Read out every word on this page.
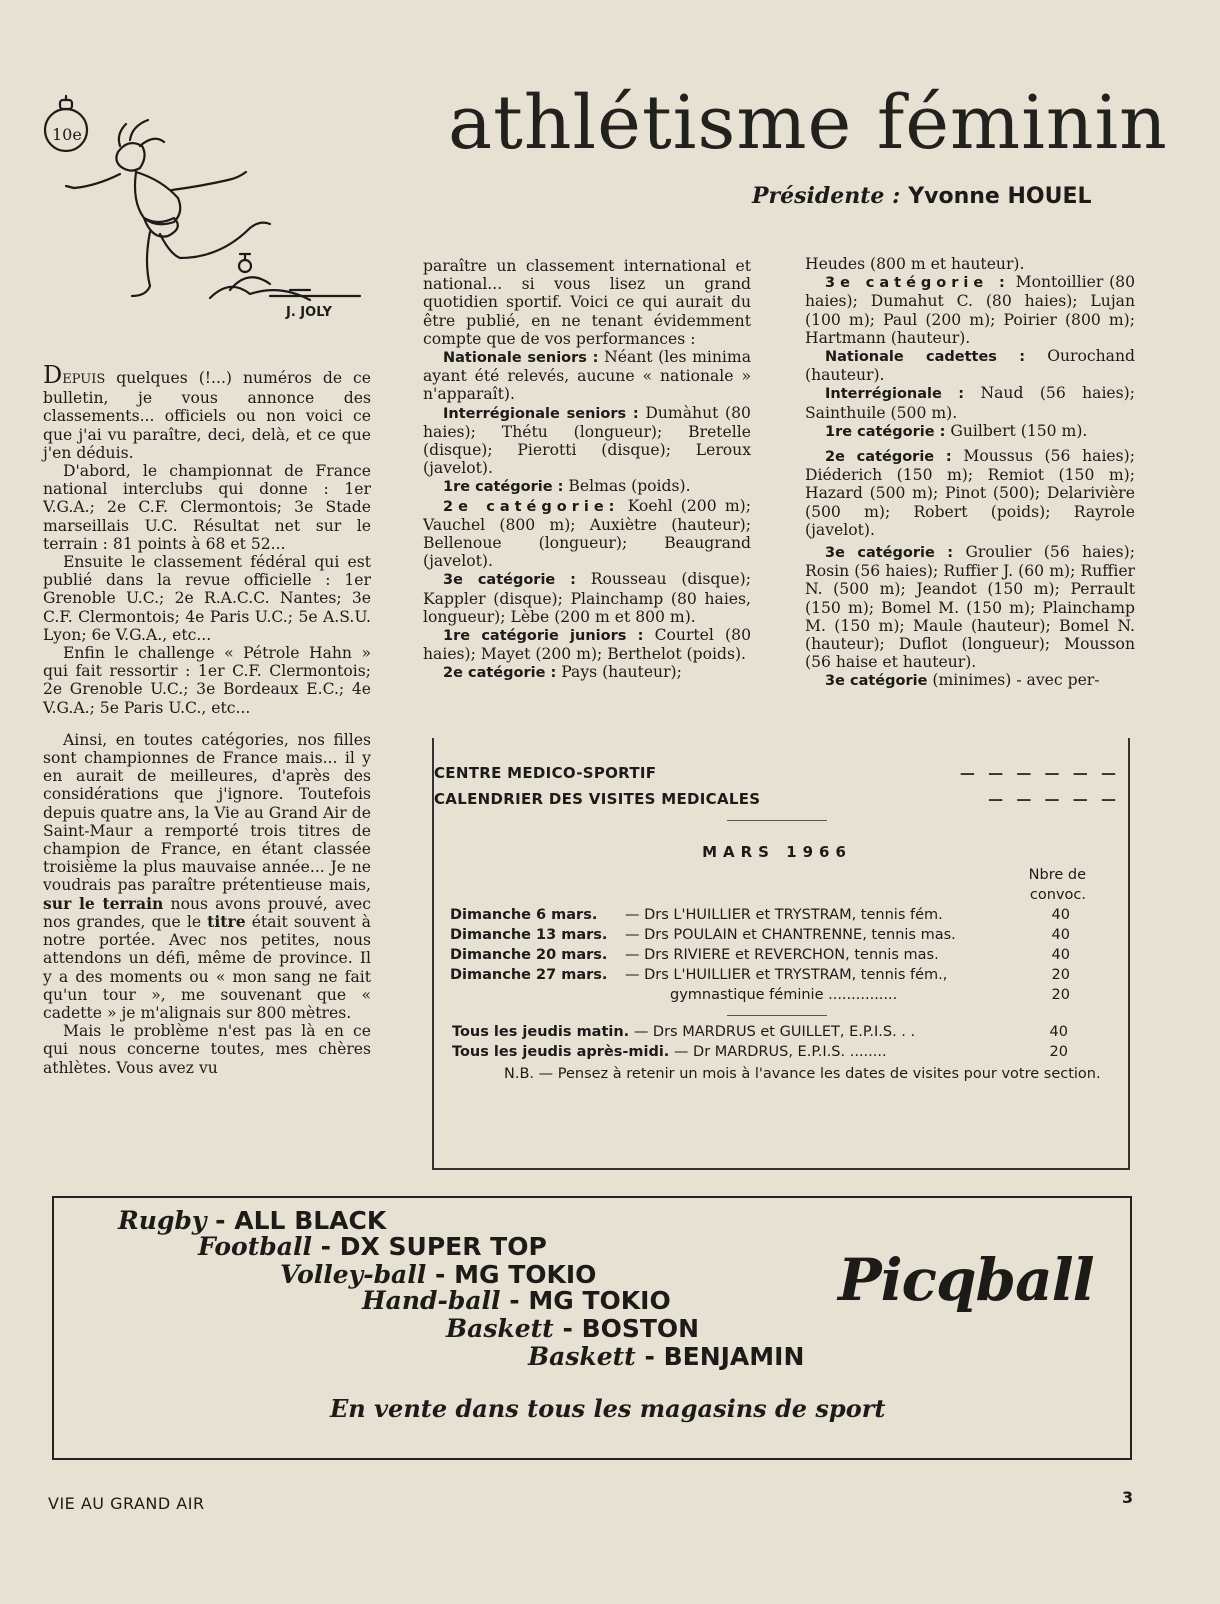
athlétisme féminin
Présidente : Yvonne HOUEL
10e
J. JOLY

DEPUIS quelques (!...) numéros de ce bulletin, je vous annonce des classements... officiels ou non voici ce que j'ai vu paraître, deci, delà, et ce que j'en déduis.

D'abord, le championnat de France national interclubs qui donne : 1er V.G.A.; 2e C.F. Clermontois; 3e Stade marseillais U.C. Résultat net sur le terrain : 81 points à 68 et 52...

Ensuite le classement fédéral qui est publié dans la revue officielle : 1er Grenoble U.C.; 2e R.A.C.C. Nantes; 3e C.F. Clermontois; 4e Paris U.C.; 5e A.S.U. Lyon; 6e V.G.A., etc...

Enfin le challenge « Pétrole Hahn » qui fait ressortir : 1er C.F. Clermontois; 2e Grenoble U.C.; 3e Bordeaux E.C.; 4e V.G.A.; 5e Paris U.C., etc...

Ainsi, en toutes catégories, nos filles sont championnes de France mais... il y en aurait de meilleures, d'après des considérations que j'ignore. Toutefois depuis quatre ans, la Vie au Grand Air de Saint-Maur a remporté trois titres de champion de France, en étant classée troisième la plus mauvaise année... Je ne voudrais pas paraître prétentieuse mais, sur le terrain nous avons prouvé, avec nos grandes, que le titre était souvent à notre portée. Avec nos petites, nous attendons un défi, même de province. Il y a des moments ou « mon sang ne fait qu'un tour », me souvenant que « cadette » je m'alignais sur 800 mètres.

Mais le problème n'est pas là en ce qui nous concerne toutes, mes chères athlètes. Vous avez vu

paraître un classement international et national... si vous lisez un grand quotidien sportif. Voici ce qui aurait du être publié, en ne tenant évidemment compte que de vos performances :

Nationale seniors : Néant (les minima ayant été relevés, aucune « nationale » n'apparaît).

Interrégionale seniors : Dumàhut (80 haies); Thétu (longueur); Bretelle (disque); Pierotti (disque); Leroux (javelot).

1re catégorie : Belmas (poids).

2e catégorie: Koehl (200 m); Vauchel (800 m); Auxiètre (hauteur); Bellenoue (longueur); Beaugrand (javelot).

3e catégorie : Rousseau (disque); Kappler (disque); Plainchamp (80 haies, longueur); Lèbe (200 m et 800 m).

1re catégorie juniors : Courtel (80 haies); Mayet (200 m); Berthelot (poids).

2e catégorie : Pays (hauteur);

Heudes (800 m et hauteur).

3e catégorie : Montoillier (80 haies); Dumahut C. (80 haies); Lujan (100 m); Paul (200 m); Poirier (800 m); Hartmann (hauteur).

Nationale cadettes : Ourochand (hauteur).

Interrégionale : Naud (56 haies); Sainthuile (500 m).

1re catégorie : Guilbert (150 m).

2e catégorie : Moussus (56 haies); Diéderich (150 m); Remiot (150 m); Hazard (500 m); Pinot (500); Delarivière (500 m); Robert (poids); Rayrole (javelot).

3e catégorie : Groulier (56 haies); Rosin (56 haies); Ruffier J. (60 m); Ruffier N. (500 m); Jeandot (150 m); Perrault (150 m); Bomel M. (150 m); Plainchamp M. (150 m); Maule (hauteur); Bomel N. (hauteur); Duflot (longueur); Mousson (56 haise et hauteur).

3e catégorie (minimes) - avec per-

CENTRE MEDICO-SPORTIF	— — — — — —
CALENDRIER DES VISITES MEDICALES	— — — — —
MARS 1966
Nbre de
convoc.
Dimanche 6 mars. — Drs L'HUILLIER et TRYSTRAM, tennis fém.	40
Dimanche 13 mars. — Drs POULAIN et CHANTRENNE, tennis mas.	40
Dimanche 20 mars. — Drs RIVIERE et REVERCHON, tennis mas.	40
Dimanche 27 mars. — Drs L'HUILLIER et TRYSTRAM, tennis fém.,	20
gymnastique féminie ...............	20
Tous les jeudis matin. — Drs MARDRUS et GUILLET, E.P.I.S. . .	40
Tous les jeudis après-midi. — Dr MARDRUS, E.P.I.S. ........	20
N.B. — Pensez à retenir un mois à l'avance les dates de visites pour votre section.
Rugby - ALL BLACK
Football - DX SUPER TOP
Volley-ball - MG TOKIO
Hand-ball - MG TOKIO
Baskett - BOSTON
Baskett - BENJAMIN
Picqball
En vente dans tous les magasins de sport
VIE AU GRAND AIR	3
